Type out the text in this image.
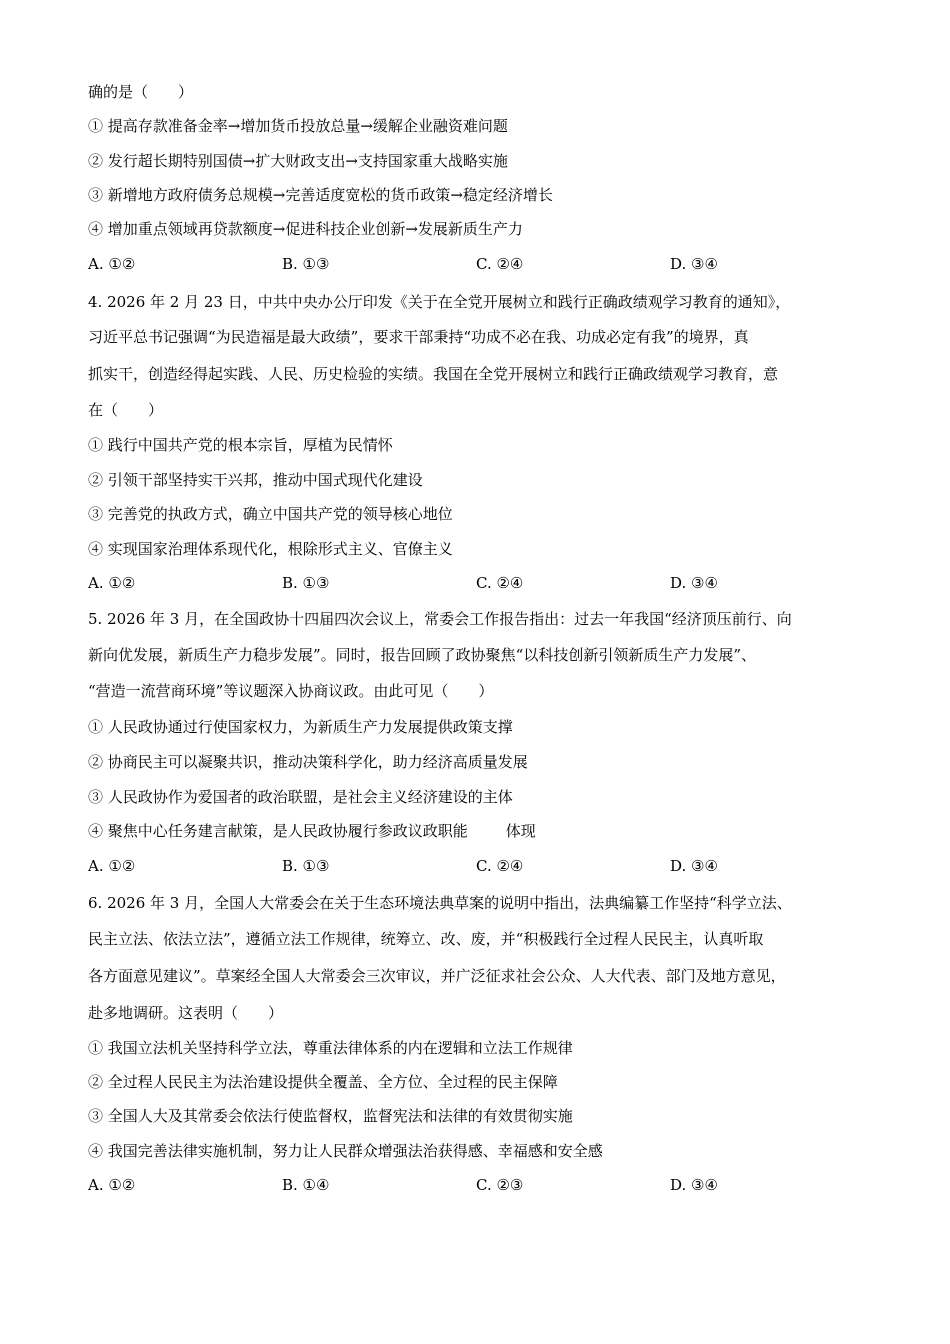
确的是（　　）
① 提高存款准备金率→增加货币投放总量→缓解企业融资难问题
② 发行超长期特别国债→扩大财政支出→支持国家重大战略实施
③ 新增地方政府债务总规模→完善适度宽松的货币政策→稳定经济增长
④ 增加重点领域再贷款额度→促进科技企业创新→发展新质生产力
A. ①②	B. ①③	C. ②④	D. ③④
4. 2026 年 2 月 23 日，中共中央办公厅印发《关于在全党开展树立和践行正确政绩观学习教育的通知》，
习近平总书记强调“为民造福是最大政绩”，要求干部秉持“功成不必在我、功成必定有我”的境界，真
抓实干，创造经得起实践、人民、历史检验的实绩。我国在全党开展树立和践行正确政绩观学习教育，意
在（　　）
① 践行中国共产党的根本宗旨，厚植为民情怀
② 引领干部坚持实干兴邦，推动中国式现代化建设
③ 完善党的执政方式，确立中国共产党的领导核心地位
④ 实现国家治理体系现代化，根除形式主义、官僚主义
A. ①②	B. ①③	C. ②④	D. ③④
5. 2026 年 3 月，在全国政协十四届四次会议上，常委会工作报告指出：过去一年我国“经济顶压前行、向
新向优发展，新质生产力稳步发展”。同时，报告回顾了政协聚焦“以科技创新引领新质生产力发展”、
“营造一流营商环境”等议题深入协商议政。由此可见（　　）
① 人民政协通过行使国家权力，为新质生产力发展提供政策支撑
② 协商民主可以凝聚共识，推动决策科学化，助力经济高质量发展
③ 人民政协作为爱国者的政治联盟，是社会主义经济建设的主体
④ 聚焦中心任务建言献策，是人民政协履行参政议政职能	体现
A. ①②	B. ①③	C. ②④	D. ③④
6. 2026 年 3 月，全国人大常委会在关于生态环境法典草案的说明中指出，法典编纂工作坚持“科学立法、
民主立法、依法立法”，遵循立法工作规律，统筹立、改、废，并“积极践行全过程人民民主，认真听取
各方面意见建议”。草案经全国人大常委会三次审议，并广泛征求社会公众、人大代表、部门及地方意见，
赴多地调研。这表明（　　）
① 我国立法机关坚持科学立法，尊重法律体系的内在逻辑和立法工作规律
② 全过程人民民主为法治建设提供全覆盖、全方位、全过程的民主保障
③ 全国人大及其常委会依法行使监督权，监督宪法和法律的有效贯彻实施
④ 我国完善法律实施机制，努力让人民群众增强法治获得感、幸福感和安全感
A. ①②	B. ①④	C. ②③	D. ③④
